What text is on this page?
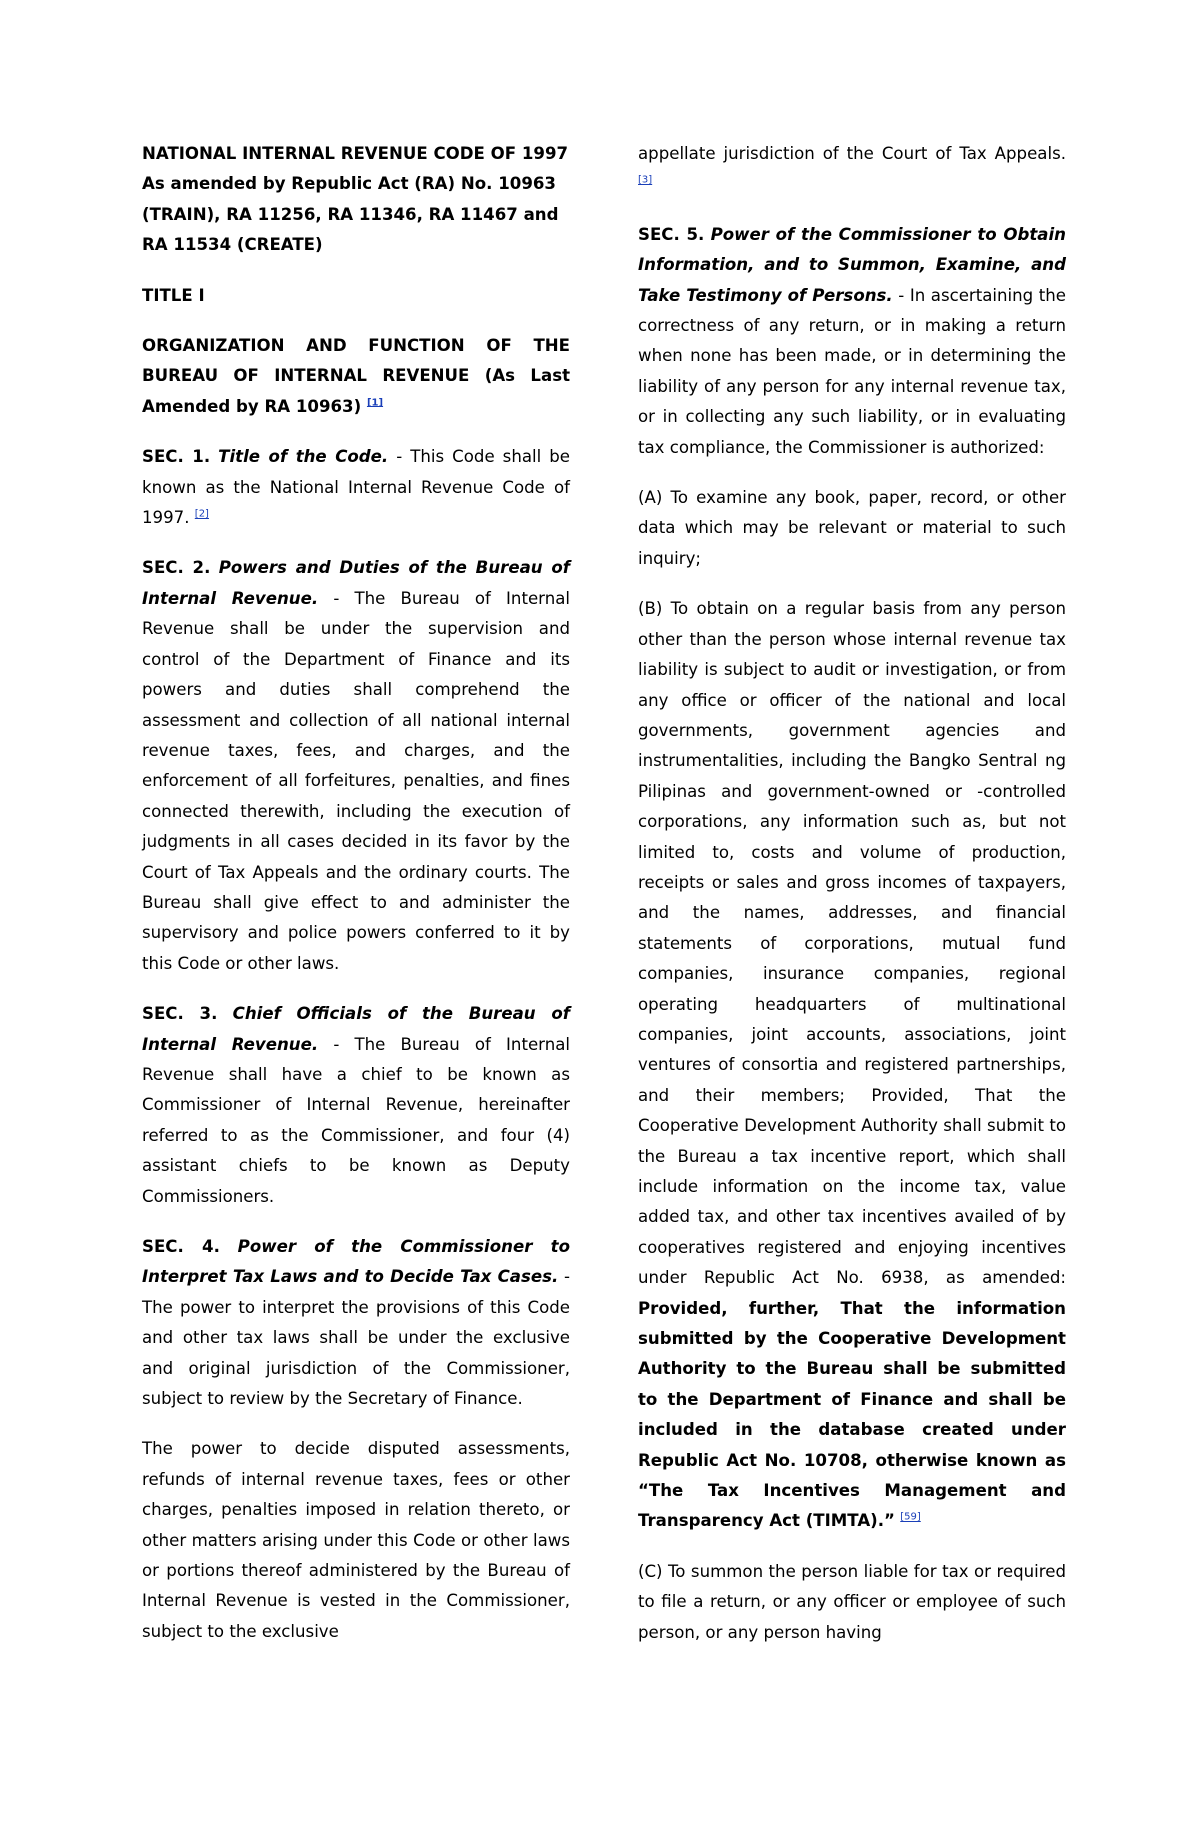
NATIONAL INTERNAL REVENUE CODE OF 1997
As amended by Republic Act (RA) No. 10963
(TRAIN), RA 11256, RA 11346, RA 11467 and RA 11534 (CREATE)

TITLE I

ORGANIZATION AND FUNCTION OF THE BUREAU OF INTERNAL REVENUE (As Last Amended by RA 10963) [1]

SEC. 1. Title of the Code. - This Code shall be known as the National Internal Revenue Code of 1997. [2]

SEC. 2. Powers and Duties of the Bureau of Internal Revenue. - The Bureau of Internal Revenue shall be under the supervision and control of the Department of Finance and its powers and duties shall comprehend the assessment and collection of all national internal revenue taxes, fees, and charges, and the enforcement of all forfeitures, penalties, and fines connected therewith, including the execution of judgments in all cases decided in its favor by the Court of Tax Appeals and the ordinary courts. The Bureau shall give effect to and administer the supervisory and police powers conferred to it by this Code or other laws.

SEC. 3. Chief Officials of the Bureau of Internal Revenue. - The Bureau of Internal Revenue shall have a chief to be known as Commissioner of Internal Revenue, hereinafter referred to as the Commissioner, and four (4) assistant chiefs to be known as Deputy Commissioners.

SEC. 4. Power of the Commissioner to Interpret Tax Laws and to Decide Tax Cases. - The power to interpret the provisions of this Code and other tax laws shall be under the exclusive and original jurisdiction of the Commissioner, subject to review by the Secretary of Finance.

The power to decide disputed assessments, refunds of internal revenue taxes, fees or other charges, penalties imposed in relation thereto, or other matters arising under this Code or other laws or portions thereof administered by the Bureau of Internal Revenue is vested in the Commissioner, subject to the exclusive

appellate jurisdiction of the Court of Tax Appeals. [3]

SEC. 5. Power of the Commissioner to Obtain Information, and to Summon, Examine, and Take Testimony of Persons. - In ascertaining the correctness of any return, or in making a return when none has been made, or in determining the liability of any person for any internal revenue tax, or in collecting any such liability, or in evaluating tax compliance, the Commissioner is authorized:

(A) To examine any book, paper, record, or other data which may be relevant or material to such inquiry;

(B) To obtain on a regular basis from any person other than the person whose internal revenue tax liability is subject to audit or investigation, or from any office or officer of the national and local governments, government agencies and instrumentalities, including the Bangko Sentral ng Pilipinas and government-owned or -controlled corporations, any information such as, but not limited to, costs and volume of production, receipts or sales and gross incomes of taxpayers, and the names, addresses, and financial statements of corporations, mutual fund companies, insurance companies, regional operating headquarters of multinational companies, joint accounts, associations, joint ventures of consortia and registered partnerships, and their members; Provided, That the Cooperative Development Authority shall submit to the Bureau a tax incentive report, which shall include information on the income tax, value added tax, and other tax incentives availed of by cooperatives registered and enjoying incentives under Republic Act No. 6938, as amended: Provided, further, That the information submitted by the Cooperative Development Authority to the Bureau shall be submitted to the Department of Finance and shall be included in the database created under Republic Act No. 10708, otherwise known as “The Tax Incentives Management and Transparency Act (TIMTA).” [59]

(C) To summon the person liable for tax or required to file a return, or any officer or employee of such person, or any person having
